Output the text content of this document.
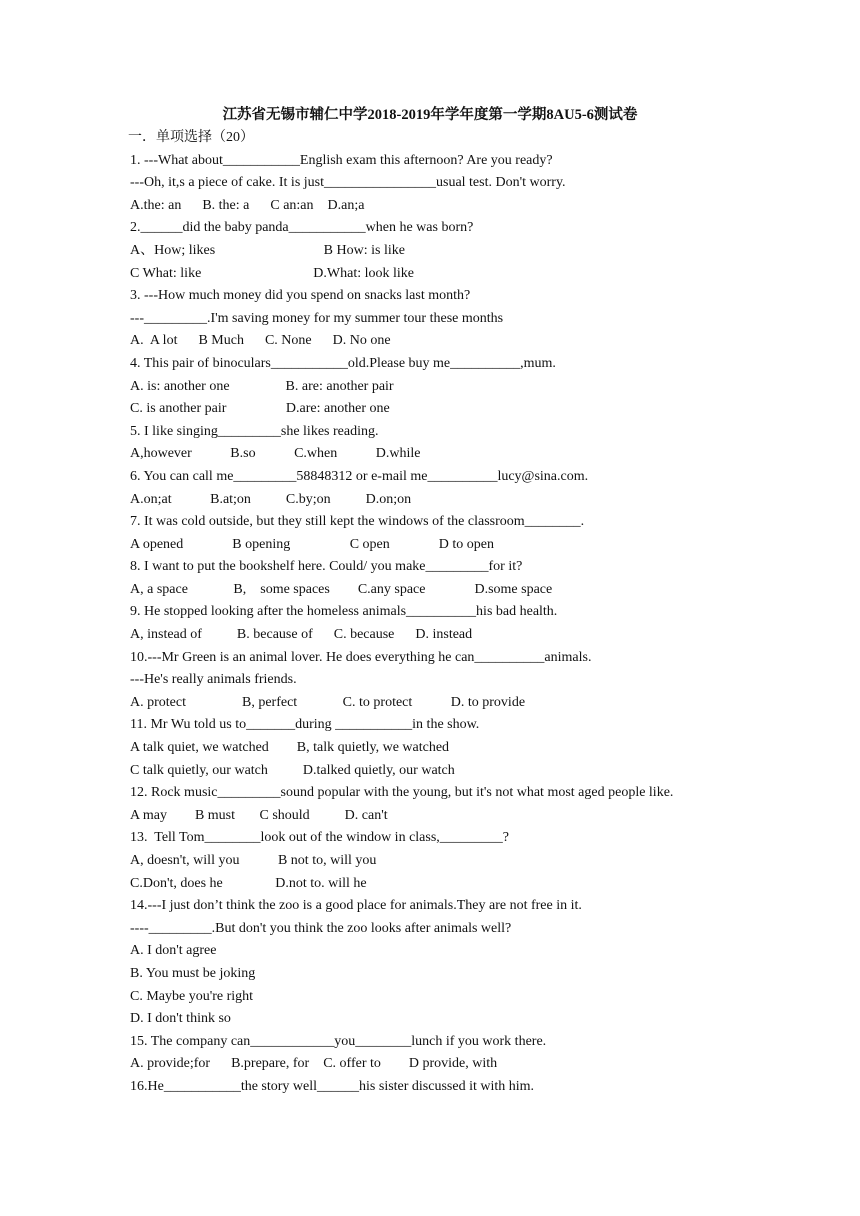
江苏省无锡市辅仁中学2018-2019年学年度第一学期8AU5-6测试卷
一．单项选择（20）
1. ---What about___________English exam this afternoon? Are you ready?
---Oh, it,s a piece of cake. It is just________________usual test. Don't worry.
A.the: an      B. the: a      C an:an    D.an;a
2.______did the baby panda___________when he was born?
A、How; likes                               B How: is like
C What: like                                D.What: look like
3. ---How much money did you spend on snacks last month?
---_________.I'm saving money for my summer tour these months
A.  A lot      B Much      C. None      D. No one
4. This pair of binoculars___________old.Please buy me__________,mum.
A. is: another one                B. are: another pair
C. is another pair                 D.are: another one
5. I like singing_________she likes reading.
A,however           B.so           C.when           D.while
6. You can call me_________58848312 or e-mail me__________lucy@sina.com.
A.on;at           B.at;on          C.by;on          D.on;on
7. It was cold outside, but they still kept the windows of the classroom________.
A opened              B opening                 C open              D to open
8. I want to put the bookshelf here. Could/ you make_________for it?
A, a space             B,    some spaces        C.any space              D.some space
9. He stopped looking after the homeless animals__________his bad health.
A, instead of          B. because of      C. because      D. instead
10.---Mr Green is an animal lover. He does everything he can__________animals.
---He's really animals friends.
A. protect                B, perfect             C. to protect           D. to provide
11. Mr Wu told us to_______during ___________in the show.
A talk quiet, we watched        B, talk quietly, we watched
C talk quietly, our watch          D.talked quietly, our watch
12. Rock music_________sound popular with the young, but it's not what most aged people like.
A may        B must       C should          D. can't
13.  Tell Tom________look out of the window in class,_________?
A, doesn't, will you           B not to, will you
C.Don't, does he               D.not to. will he
14.---I just don’t think the zoo is a good place for animals.They are not free in it.
----_________.But don't you think the zoo looks after animals well?
A. I don't agree
B. You must be joking
C. Maybe you're right
D. I don't think so
15. The company can____________you________lunch if you work there.
A. provide;for      B.prepare, for    C. offer to        D provide, with
16.He___________the story well______his sister discussed it with him.
